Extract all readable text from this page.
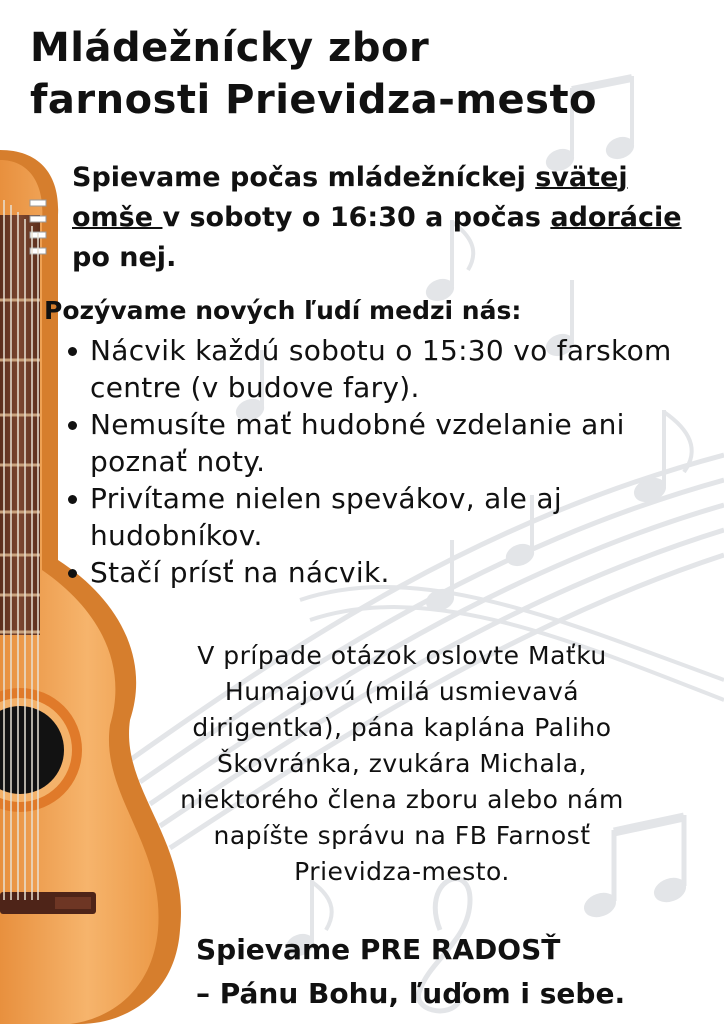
Mládežnícky zbor
farnosti Prievidza-mesto

Spievame počas mládežníckej svätej omše v soboty o 16:30 a počas adorácie po nej.

Pozývame nových ľudí medzi nás:

Nácvik každú sobotu o 15:30 vo farskom centre (v budove fary).
Nemusíte mať hudobné vzdelanie ani poznať noty.
Privítame nielen spevákov, ale aj hudobníkov.
Stačí prísť na nácvik.

V prípade otázok oslovte Maťku
Humajovú (milá usmievavá
dirigentka), pána kaplána Paliho
Škovránka, zvukára Michala,
niektorého člena zboru alebo nám
napíšte správu na FB Farnosť
Prievidza-mesto.

Spievame PRE RADOSŤ
– Pánu Bohu, ľuďom i sebe.
